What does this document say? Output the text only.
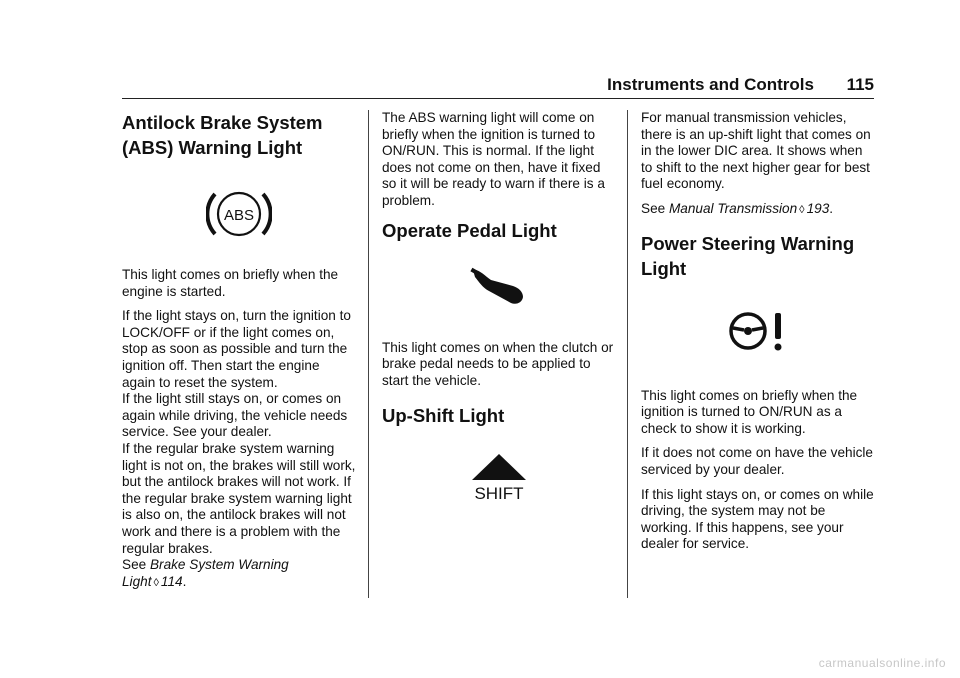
Instruments and Controls 115
Antilock Brake System
(ABS) Warning Light
ABS

This light comes on briefly when the engine is started.

If the light stays on, turn the ignition to LOCK/OFF or if the light comes on, stop as soon as possible and turn the ignition off. Then start the engine again to reset the system.

If the light still stays on, or comes on again while driving, the vehicle needs service. See your dealer.

If the regular brake system warning light is not on, the brakes will still work, but the antilock brakes will not work. If the regular brake system warning light is also on, the antilock brakes will not work and there is a problem with the regular brakes.

See Brake System Warning Light ◊ 114.

The ABS warning light will come on briefly when the ignition is turned to ON/RUN. This is normal. If the light does not come on then, have it fixed so it will be ready to warn if there is a problem.

Operate Pedal Light

This light comes on when the clutch or brake pedal needs to be applied to start the vehicle.

Up-Shift Light
SHIFT

For manual transmission vehicles, there is an up-shift light that comes on in the lower DIC area. It shows when to shift to the next higher gear for best fuel economy.

See Manual Transmission ◊ 193.

Power Steering Warning
Light

This light comes on briefly when the ignition is turned to ON/RUN as a check to show it is working.

If it does not come on have the vehicle serviced by your dealer.

If this light stays on, or comes on while driving, the system may not be working. If this happens, see your dealer for service.

carmanualsonline.info
